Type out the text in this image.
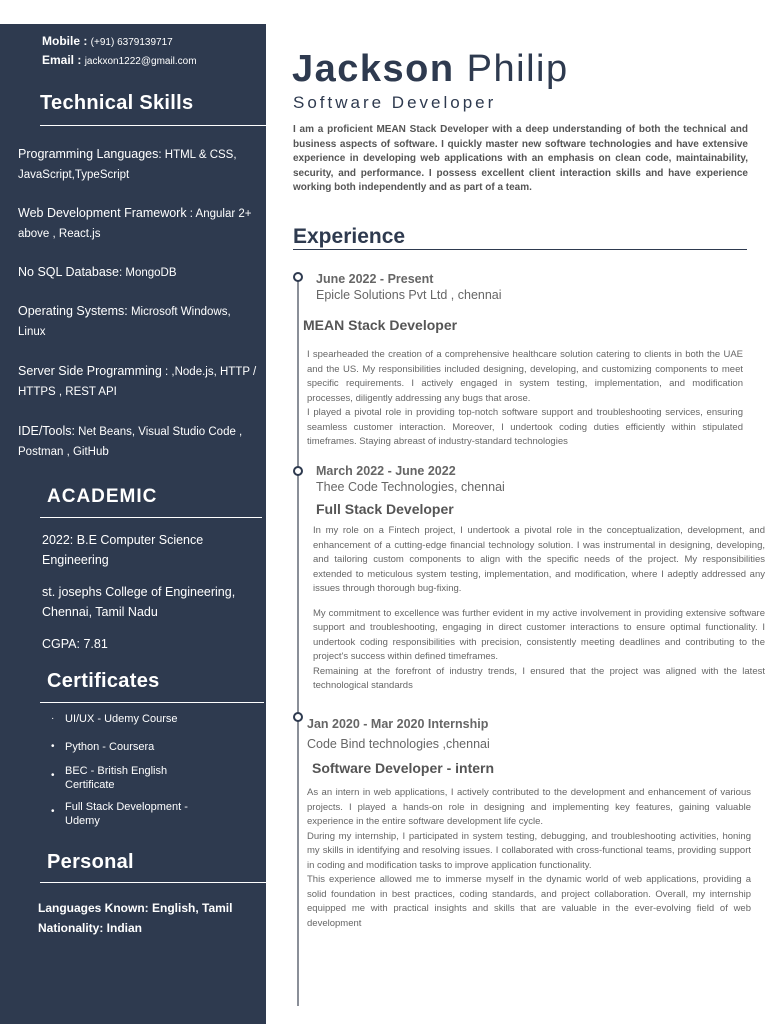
Mobile : (+91) 6379139717
Email : jackxon1222@gmail.com
Technical Skills
Programming Languages: HTML & CSS, JavaScript,TypeScript
Web Development Framework : Angular 2+ above , React.js
No SQL Database: MongoDB
Operating Systems: Microsoft Windows, Linux
Server Side Programming : ,Node.js, HTTP / HTTPS , REST API
IDE/Tools: Net Beans, Visual Studio Code , Postman , GitHub
ACADEMIC
2022: B.E Computer Science Engineering
st. josephs College of Engineering, Chennai, Tamil Nadu
CGPA: 7.81
Certificates
· UI/UX - Udemy Course
• Python - Coursera
• BEC - British English Certificate
• Full Stack Development - Udemy
Personal
Languages Known: English, Tamil
Nationality: Indian
Jackson Philip
Software Developer
I am a proficient MEAN Stack Developer with a deep understanding of both the technical and business aspects of software. I quickly master new software technologies and have extensive experience in developing web applications with an emphasis on clean code, maintainability, security, and performance. I possess excellent client interaction skills and have experience working both independently and as part of a team.
Experience
June 2022 - Present
Epicle Solutions Pvt Ltd , chennai
MEAN Stack Developer

I spearheaded the creation of a comprehensive healthcare solution catering to clients in both the UAE and the US. My responsibilities included designing, developing, and customizing components to meet specific requirements. I actively engaged in system testing, implementation, and modification processes, diligently addressing any bugs that arose.

I played a pivotal role in providing top-notch software support and troubleshooting services, ensuring seamless customer interaction. Moreover, I undertook coding duties efficiently within stipulated timeframes. Staying abreast of industry-standard technologies

March 2022 - June 2022
Thee Code Technologies, chennai
Full Stack Developer

In my role on a Fintech project, I undertook a pivotal role in the conceptualization, development, and enhancement of a cutting-edge financial technology solution. I was instrumental in designing, developing, and tailoring custom components to align with the specific needs of the project. My responsibilities extended to meticulous system testing, implementation, and modification, where I adeptly addressed any issues through thorough bug-fixing.

My commitment to excellence was further evident in my active involvement in providing extensive software support and troubleshooting, engaging in direct customer interactions to ensure optimal functionality. I undertook coding responsibilities with precision, consistently meeting deadlines and contributing to the project's success within defined timeframes.

Remaining at the forefront of industry trends, I ensured that the project was aligned with the latest technological standards

Jan 2020 - Mar 2020 Internship
Code Bind technologies ,chennai
Software Developer - intern

As an intern in web applications, I actively contributed to the development and enhancement of various projects. I played a hands-on role in designing and implementing key features, gaining valuable experience in the entire software development life cycle.

During my internship, I participated in system testing, debugging, and troubleshooting activities, honing my skills in identifying and resolving issues. I collaborated with cross-functional teams, providing support in coding and modification tasks to improve application functionality.

This experience allowed me to immerse myself in the dynamic world of web applications, providing a solid foundation in best practices, coding standards, and project collaboration. Overall, my internship equipped me with practical insights and skills that are valuable in the ever-evolving field of web development
